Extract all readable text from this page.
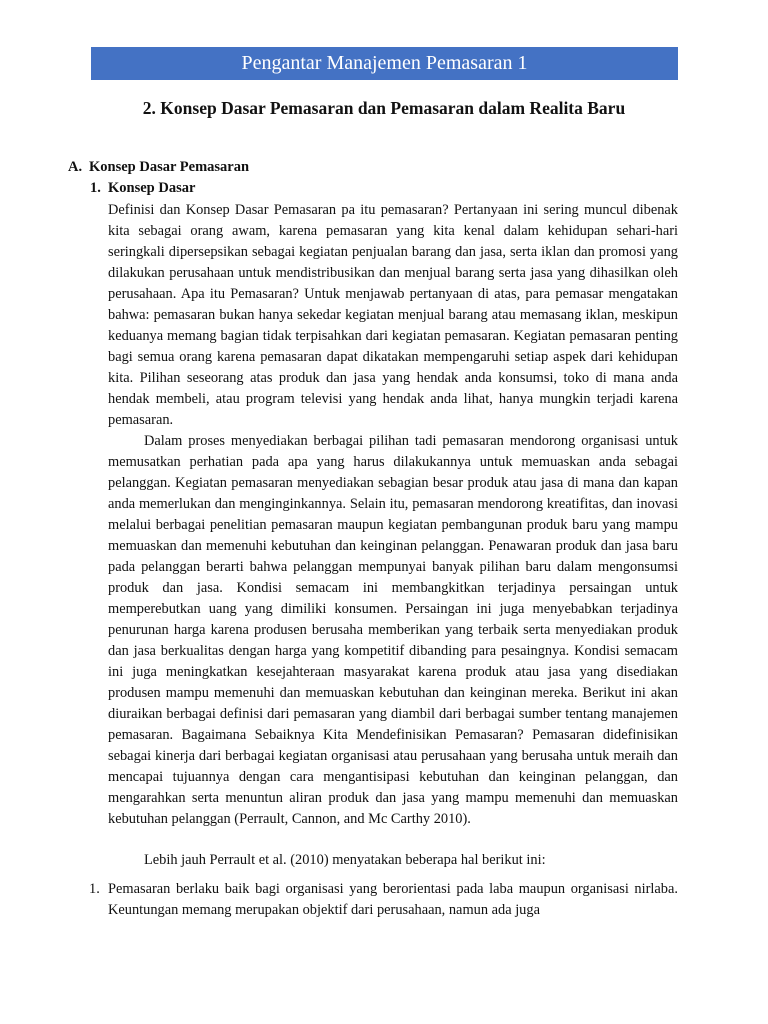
Pengantar Manajemen Pemasaran 1
2. Konsep Dasar Pemasaran dan Pemasaran dalam Realita Baru
A. Konsep Dasar Pemasaran
1. Konsep Dasar

Definisi dan Konsep Dasar Pemasaran pa itu pemasaran? Pertanyaan ini sering muncul dibenak kita sebagai orang awam, karena pemasaran yang kita kenal dalam kehidupan sehari-hari seringkali dipersepsikan sebagai kegiatan penjualan barang dan jasa, serta iklan dan promosi yang dilakukan perusahaan untuk mendistribusikan dan menjual barang serta jasa yang dihasilkan oleh perusahaan. Apa itu Pemasaran? Untuk menjawab pertanyaan di atas, para pemasar mengatakan bahwa: pemasaran bukan hanya sekedar kegiatan menjual barang atau memasang iklan, meskipun keduanya memang bagian tidak terpisahkan dari kegiatan pemasaran. Kegiatan pemasaran penting bagi semua orang karena pemasaran dapat dikatakan mempengaruhi setiap aspek dari kehidupan kita. Pilihan seseorang atas produk dan jasa yang hendak anda konsumsi, toko di mana anda hendak membeli, atau program televisi yang hendak anda lihat, hanya mungkin terjadi karena pemasaran.

Dalam proses menyediakan berbagai pilihan tadi pemasaran mendorong organisasi untuk memusatkan perhatian pada apa yang harus dilakukannya untuk memuaskan anda sebagai pelanggan. Kegiatan pemasaran menyediakan sebagian besar produk atau jasa di mana dan kapan anda memerlukan dan menginginkannya. Selain itu, pemasaran mendorong kreatifitas, dan inovasi melalui berbagai penelitian pemasaran maupun kegiatan pembangunan produk baru yang mampu memuaskan dan memenuhi kebutuhan dan keinginan pelanggan. Penawaran produk dan jasa baru pada pelanggan berarti bahwa pelanggan mempunyai banyak pilihan baru dalam mengonsumsi produk dan jasa. Kondisi semacam ini membangkitkan terjadinya persaingan untuk memperebutkan uang yang dimiliki konsumen. Persaingan ini juga menyebabkan terjadinya penurunan harga karena produsen berusaha memberikan yang terbaik serta menyediakan produk dan jasa berkualitas dengan harga yang kompetitif dibanding para pesaingnya. Kondisi semacam ini juga meningkatkan kesejahteraan masyarakat karena produk atau jasa yang disediakan produsen mampu memenuhi dan memuaskan kebutuhan dan keinginan mereka. Berikut ini akan diuraikan berbagai definisi dari pemasaran yang diambil dari berbagai sumber tentang manajemen pemasaran. Bagaimana Sebaiknya Kita Mendefinisikan Pemasaran? Pemasaran didefinisikan sebagai kinerja dari berbagai kegiatan organisasi atau perusahaan yang berusaha untuk meraih dan mencapai tujuannya dengan cara mengantisipasi kebutuhan dan keinginan pelanggan, dan mengarahkan serta menuntun aliran produk dan jasa yang mampu memenuhi dan memuaskan kebutuhan pelanggan (Perrault, Cannon, and Mc Carthy 2010).

Lebih jauh Perrault et al. (2010) menyatakan beberapa hal berikut ini:

1. Pemasaran berlaku baik bagi organisasi yang berorientasi pada laba maupun organisasi nirlaba. Keuntungan memang merupakan objektif dari perusahaan, namun ada juga
